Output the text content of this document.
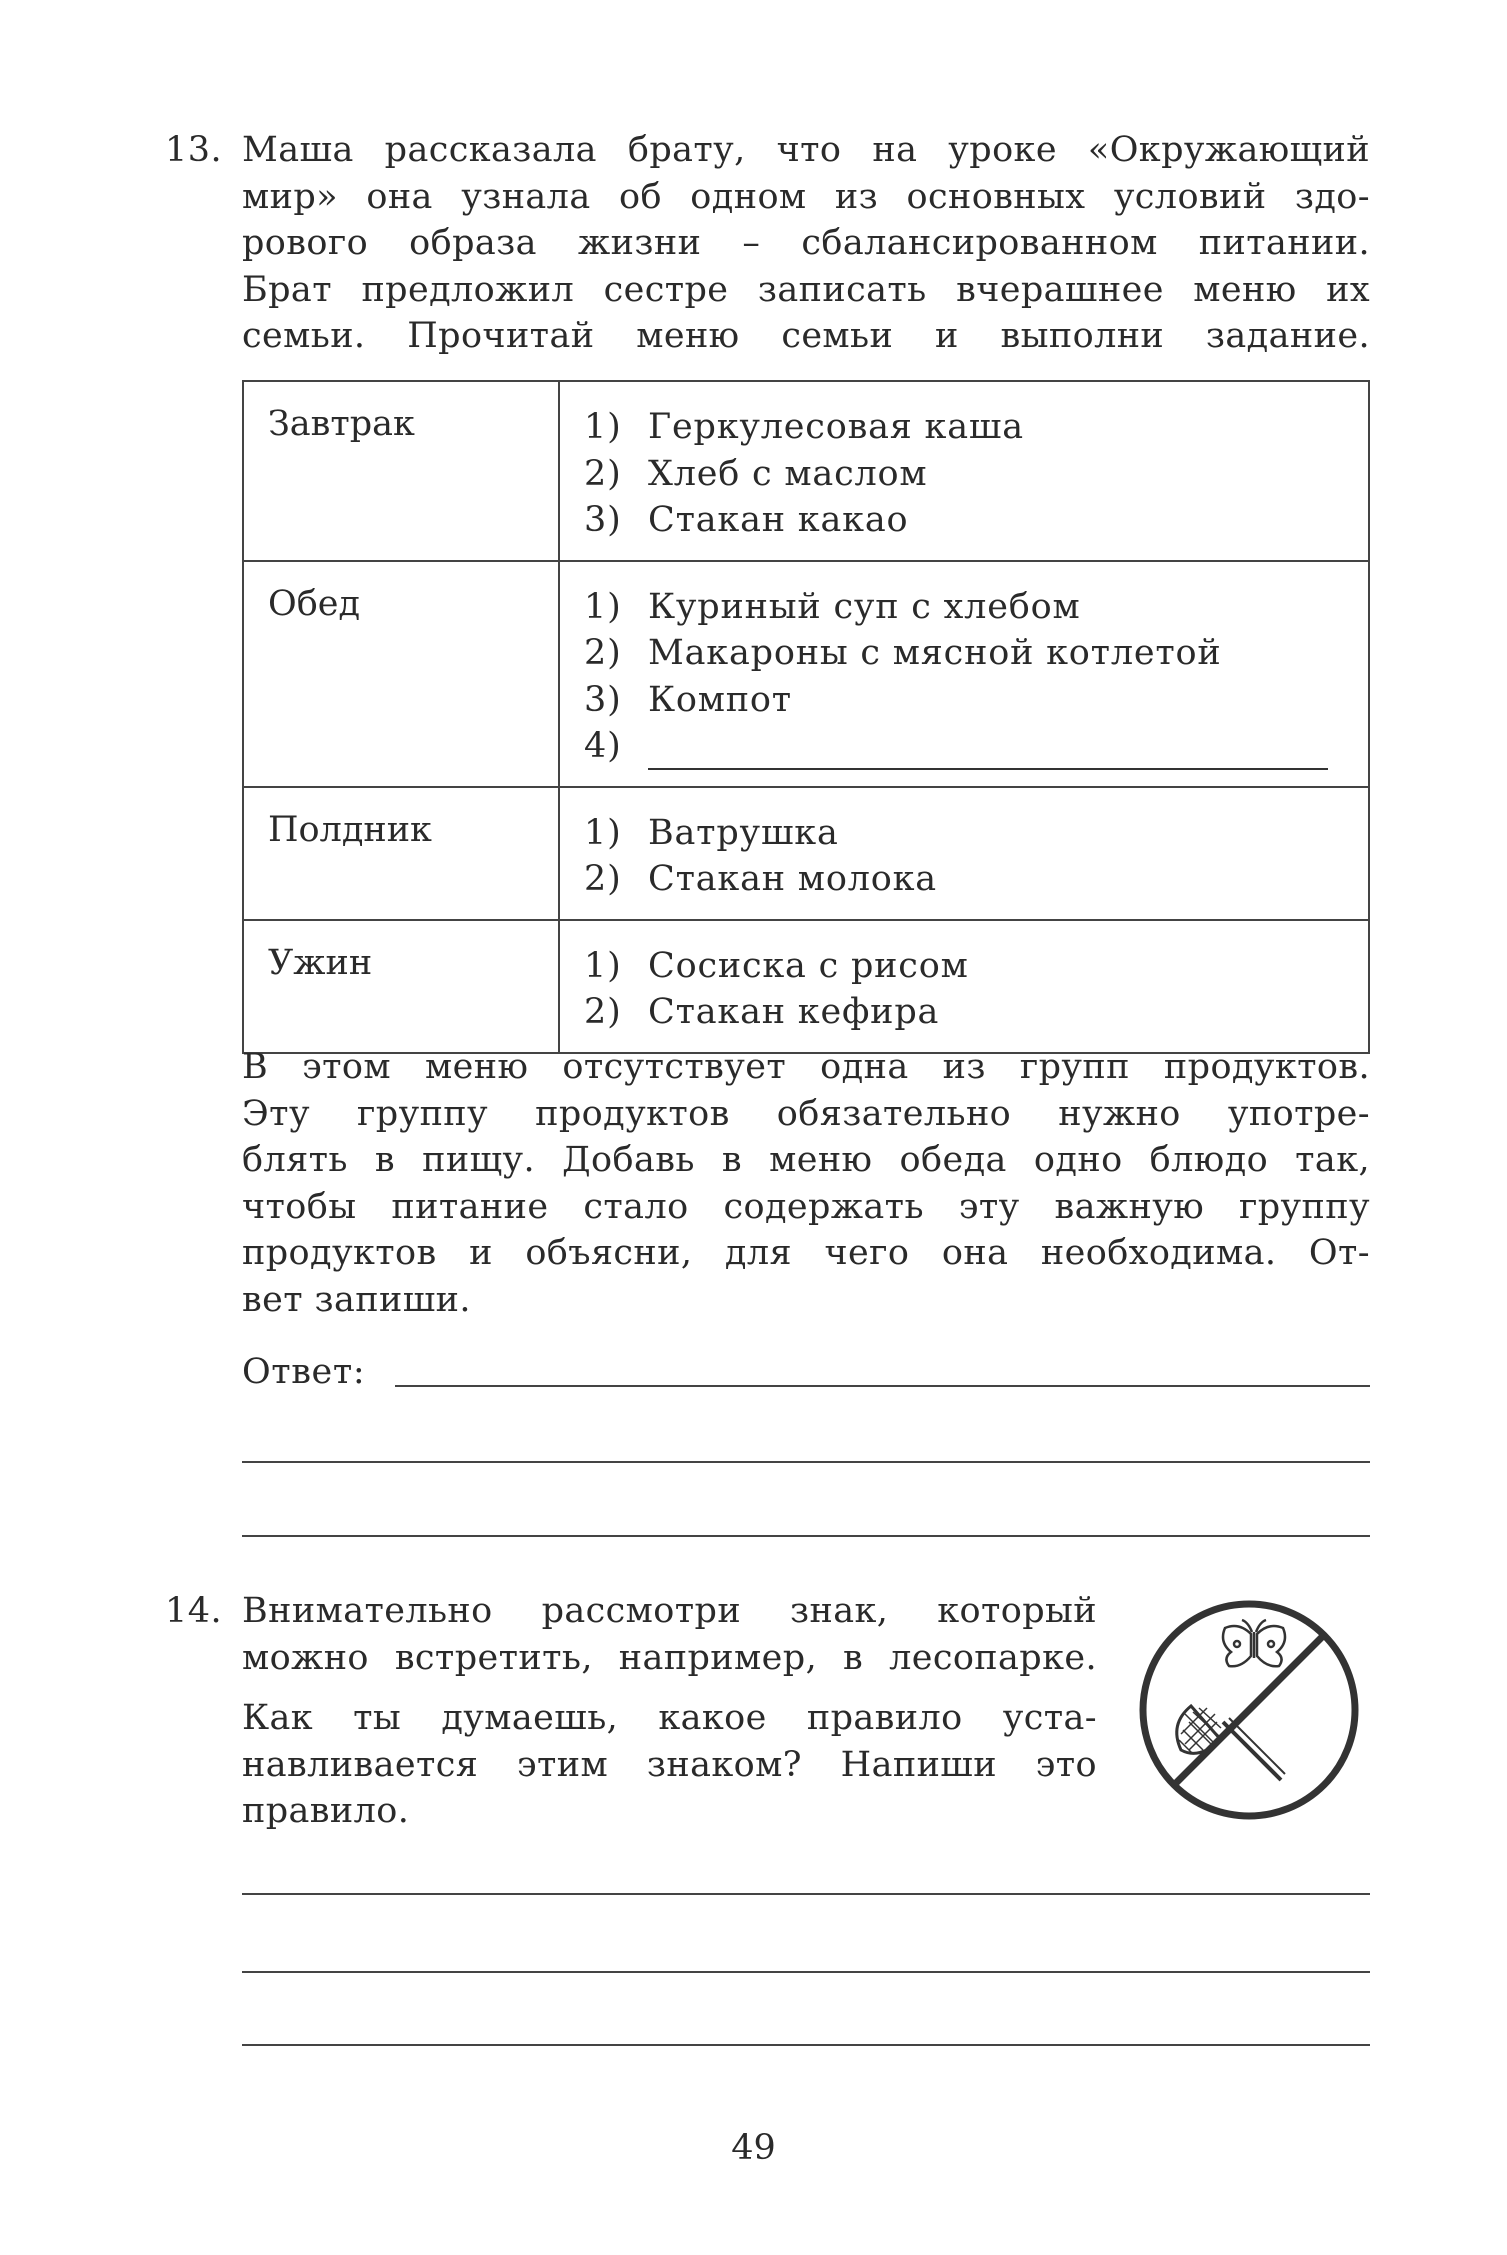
13. Маша рассказала брату, что на уроке «Окружающий
мир» она узнала об одном из основных условий здо-
рового образа жизни – сбалансированном питании.
Брат предложил сестре записать вчерашнее меню их
семьи. Прочитай меню семьи и выполни задание.
Завтрак	1) Геркулесовая каша
2) Хлеб с маслом
3) Стакан какао

Обед	1) Куриный суп с хлебом
2) Макароны с мясной котлетой
3) Компот
4)

Полдник	1) Ватрушка
2) Стакан молока

Ужин	1) Сосиска с рисом
2) Стакан кефира
В этом меню отсутствует одна из групп продуктов.
Эту группу продуктов обязательно нужно употре-
блять в пищу. Добавь в меню обеда одно блюдо так,
чтобы питание стало содержать эту важную группу
продуктов и объясни, для чего она необходима. От-
вет запиши.
Ответ:
14. Внимательно рассмотри знак, который
можно встретить, например, в лесопарке.
Как ты думаешь, какое правило уста-
навливается этим знаком? Напиши это
правило.
49
